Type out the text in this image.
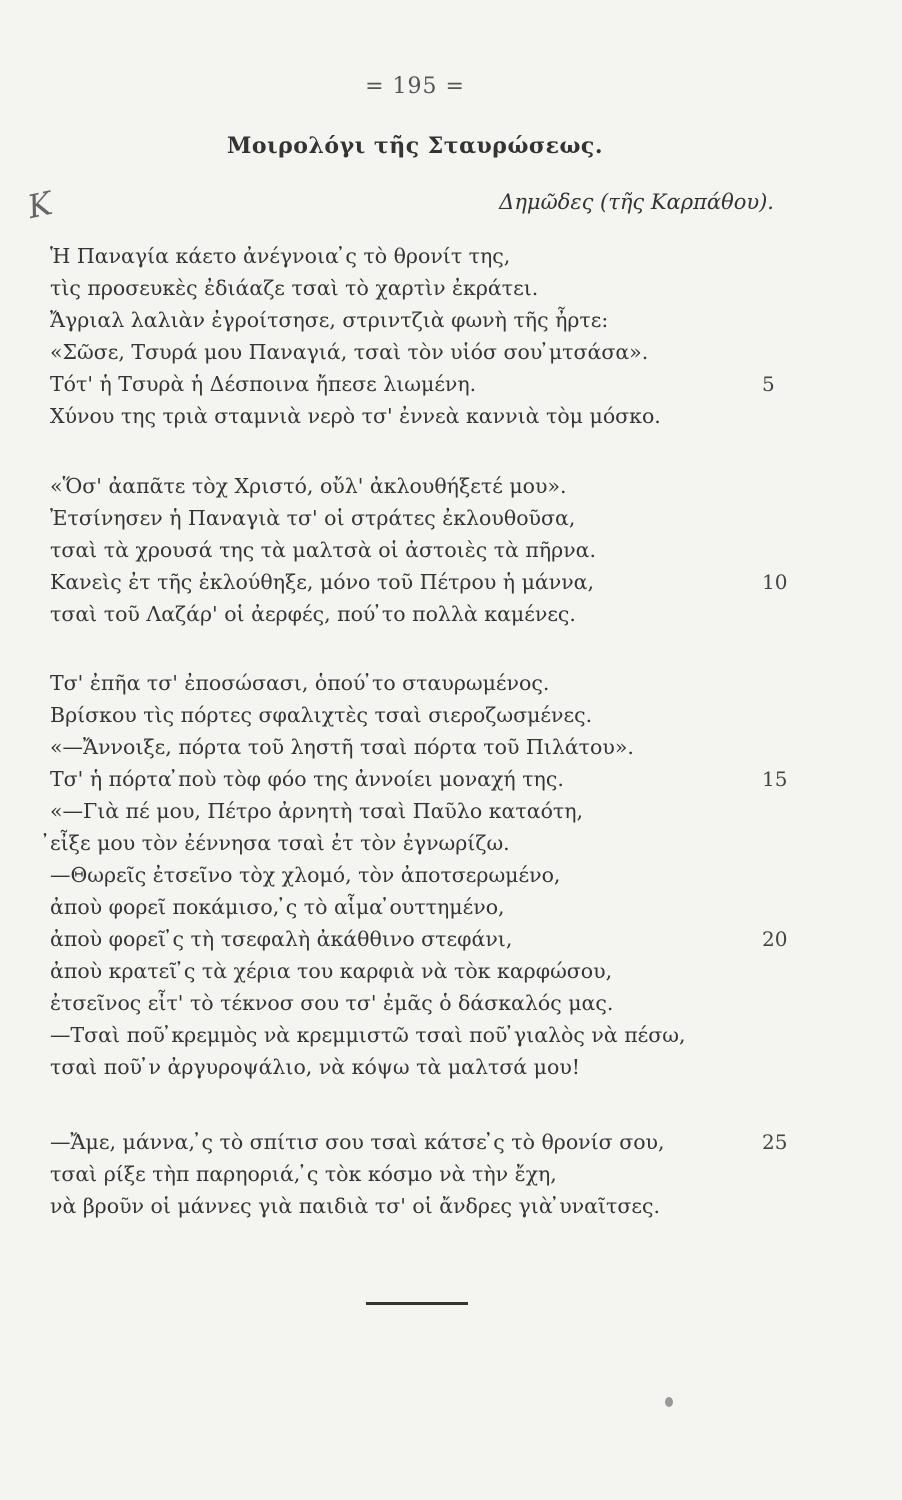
= 195 =
Κ
Μοιρολόγι τῆς Σταυρώσεως.
Δημῶδες (τῆς Καρπάθου).
Ἡ Παναγία κάετο ἀνέγνοια ̓ς τὸ θρονίτ της,
τὶς προσευκὲς ἐδιάαζε τσαὶ τὸ χαρτὶν ἐκράτει.
Ἄγριαλ λαλιὰν ἐγροίτσησε, στριντζιὰ φωνὴ τῆς ἦρτε:
«Σῶσε, Τσυρά μου Παναγιά, τσαὶ τὸν υἱόσ σου ̓μτσάσα».
Τότ' ἡ Τσυρὰ ἡ Δέσποινα ἤπεσε λιωμένη.	5
Χύνου της τριὰ σταμνιὰ νερὸ τσ' ἐννεὰ καννιὰ τὸμ μόσκο.
«Ὅσ' ἀαπᾶτε τὸχ Χριστό, οὔλ' ἀκλουθήξετέ μου».
Ἐτσίνησεν ἡ Παναγιὰ τσ' οἱ στράτες ἐκλουθοῦσα,
τσαὶ τὰ χρουσά της τὰ μαλτσὰ οἱ ἀστοιὲς τὰ πῆρνα.
Κανεὶς ἐτ τῆς ἐκλούθηξε, μόνο τοῦ Πέτρου ἡ μάννα,	10
τσαὶ τοῦ Λαζάρ' οἱ ἀερφές, πού ̓το πολλὰ καμένες.
Τσ' ἐπῆα τσ' ἐποσώσασι, ὁπού ̓το σταυρωμένος.
Βρίσκου τὶς πόρτες σφαλιχτὲς τσαὶ σιεροζωσμένες.
«—Ἄννοιξε, πόρτα τοῦ ληστῆ τσαὶ πόρτα τοῦ Πιλάτου».
Τσ' ἡ πόρτα ̓ποὺ τὸφ φόο της ἀννοίει μοναχή της.	15
«—Γιὰ πέ μου, Πέτρο ἀρνητὴ τσαὶ Παῦλο καταότη,
̓εἶξε μου τὸν ἐέννησα τσαὶ ἐτ τὸν ἐγνωρίζω.
—Θωρεῖς ἐτσεῖνο τὸχ χλομό, τὸν ἀποτσερωμένο,
ἀποὺ φορεῖ ποκάμισο, ̓ς τὸ αἷμα ̓ουττημένο,
ἀποὺ φορεῖ ̓ς τὴ τσεφαλὴ ἀκάθθινο στεφάνι,	20
ἀποὺ κρατεῖ ̓ς τὰ χέρια του καρφιὰ νὰ τὸκ καρφώσου,
ἐτσεῖνος εἶτ' τὸ τέκνοσ σου τσ' ἐμᾶς ὁ δάσκαλός μας.
—Τσαὶ ποῦ ̓κρεμμὸς νὰ κρεμμιστῶ τσαὶ ποῦ ̓γιαλὸς νὰ πέσω,
τσαὶ ποῦ ̓ν ἀργυροψάλιο, νὰ κόψω τὰ μαλτσά μου!
—Ἄμε, μάννα, ̓ς τὸ σπίτισ σου τσαὶ κάτσε ̓ς τὸ θρονίσ σου,	25
τσαὶ ρίξε τὴπ παρηοριά, ̓ς τὸκ κόσμο νὰ τὴν ἔχη,
νὰ βροῦν οἱ μάννες γιὰ παιδιὰ τσ' οἱ ἄνδρες γιὰ ̓υναῖτσες.
